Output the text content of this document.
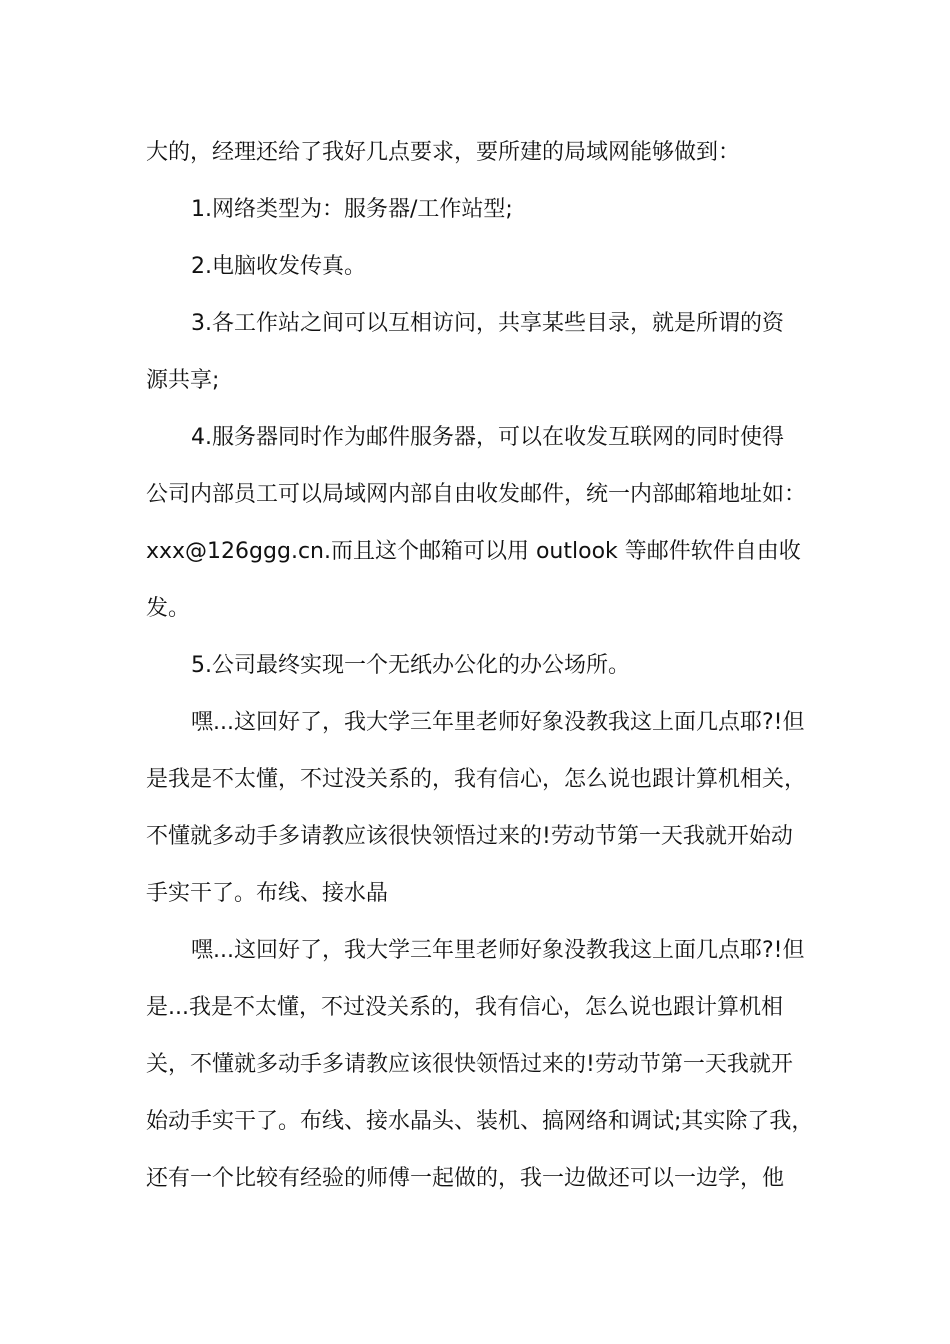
大的，经理还给了我好几点要求，要所建的局域网能够做到：
1.网络类型为：服务器/工作站型;
2.电脑收发传真。
3.各工作站之间可以互相访问，共享某些目录，就是所谓的资
源共享;
4.服务器同时作为邮件服务器，可以在收发互联网的同时使得
公司内部员工可以局域网内部自由收发邮件，统一内部邮箱地址如：
xxx@126ggg.cn.而且这个邮箱可以用 outlook 等邮件软件自由收
发。
5.公司最终实现一个无纸办公化的办公场所。
嘿...这回好了，我大学三年里老师好象没教我这上面几点耶?!但
是我是不太懂，不过没关系的，我有信心，怎么说也跟计算机相关，
不懂就多动手多请教应该很快领悟过来的!劳动节第一天我就开始动
手实干了。布线、接水晶
嘿...这回好了，我大学三年里老师好象没教我这上面几点耶?!但
是...我是不太懂，不过没关系的，我有信心，怎么说也跟计算机相
关，不懂就多动手多请教应该很快领悟过来的!劳动节第一天我就开
始动手实干了。布线、接水晶头、装机、搞网络和调试;其实除了我，
还有一个比较有经验的师傅一起做的，我一边做还可以一边学，他
